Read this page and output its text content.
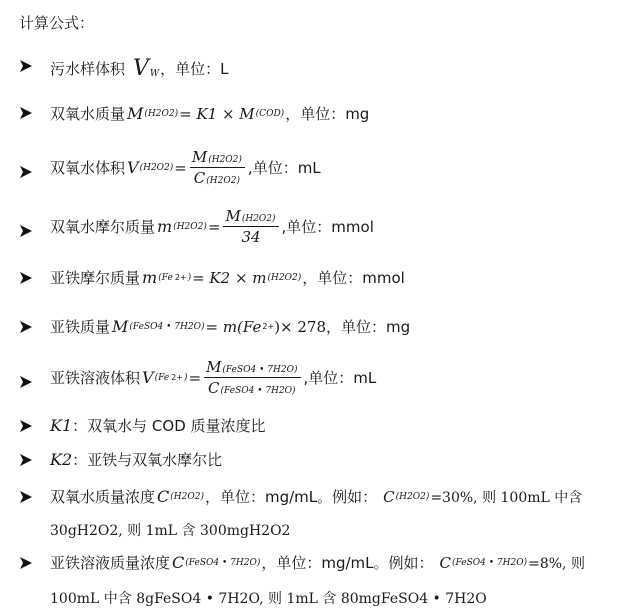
计算公式：
污水样体积 V W ，单位：L
双氧水质量 M (H2O2) = K1 × M (COD) ，单位：mg
双氧水体积 V $(H2O2) = \frac{M(H2O2)}{C(H2O2)}$ ,单位：mL
双氧水摩尔质量 m $(H2O2) = \frac{M(H2O2)}{34}$ ,单位：mmol
亚铁摩尔质量 m (Fe 2+ ) = K2 × m (H2O2) ，单位：mmol
亚铁质量 M (FeSO4 • 7H2O) = m(Fe 2+ )× 278 ，单位：mg
亚铁溶液体积 V (Fe 2+ ) = $\frac{\text{M(FeSO4 • 7H2O)}}{\text{C(FeSO4 • 7H2O)}}$ ,单位：mL
K1 ：双氧水与 COD 质量浓度比
K2 ：亚铁与双氧水摩尔比
双氧水质量浓度 C (H2O2) ，单位：mg/mL。例如： C (H2O2) =30%, 则 100mL 中含
30gH2O2, 则 1mL 含 300mgH2O2
亚铁溶液质量浓度 C (FeSO4 • 7H2O) ，单位：mg/mL。例如： C (FeSO4 • 7H2O) =8%, 则
100mL 中含 8gFeSO4 • 7H2O, 则 1mL 含 80mgFeSO4 • 7H2O
